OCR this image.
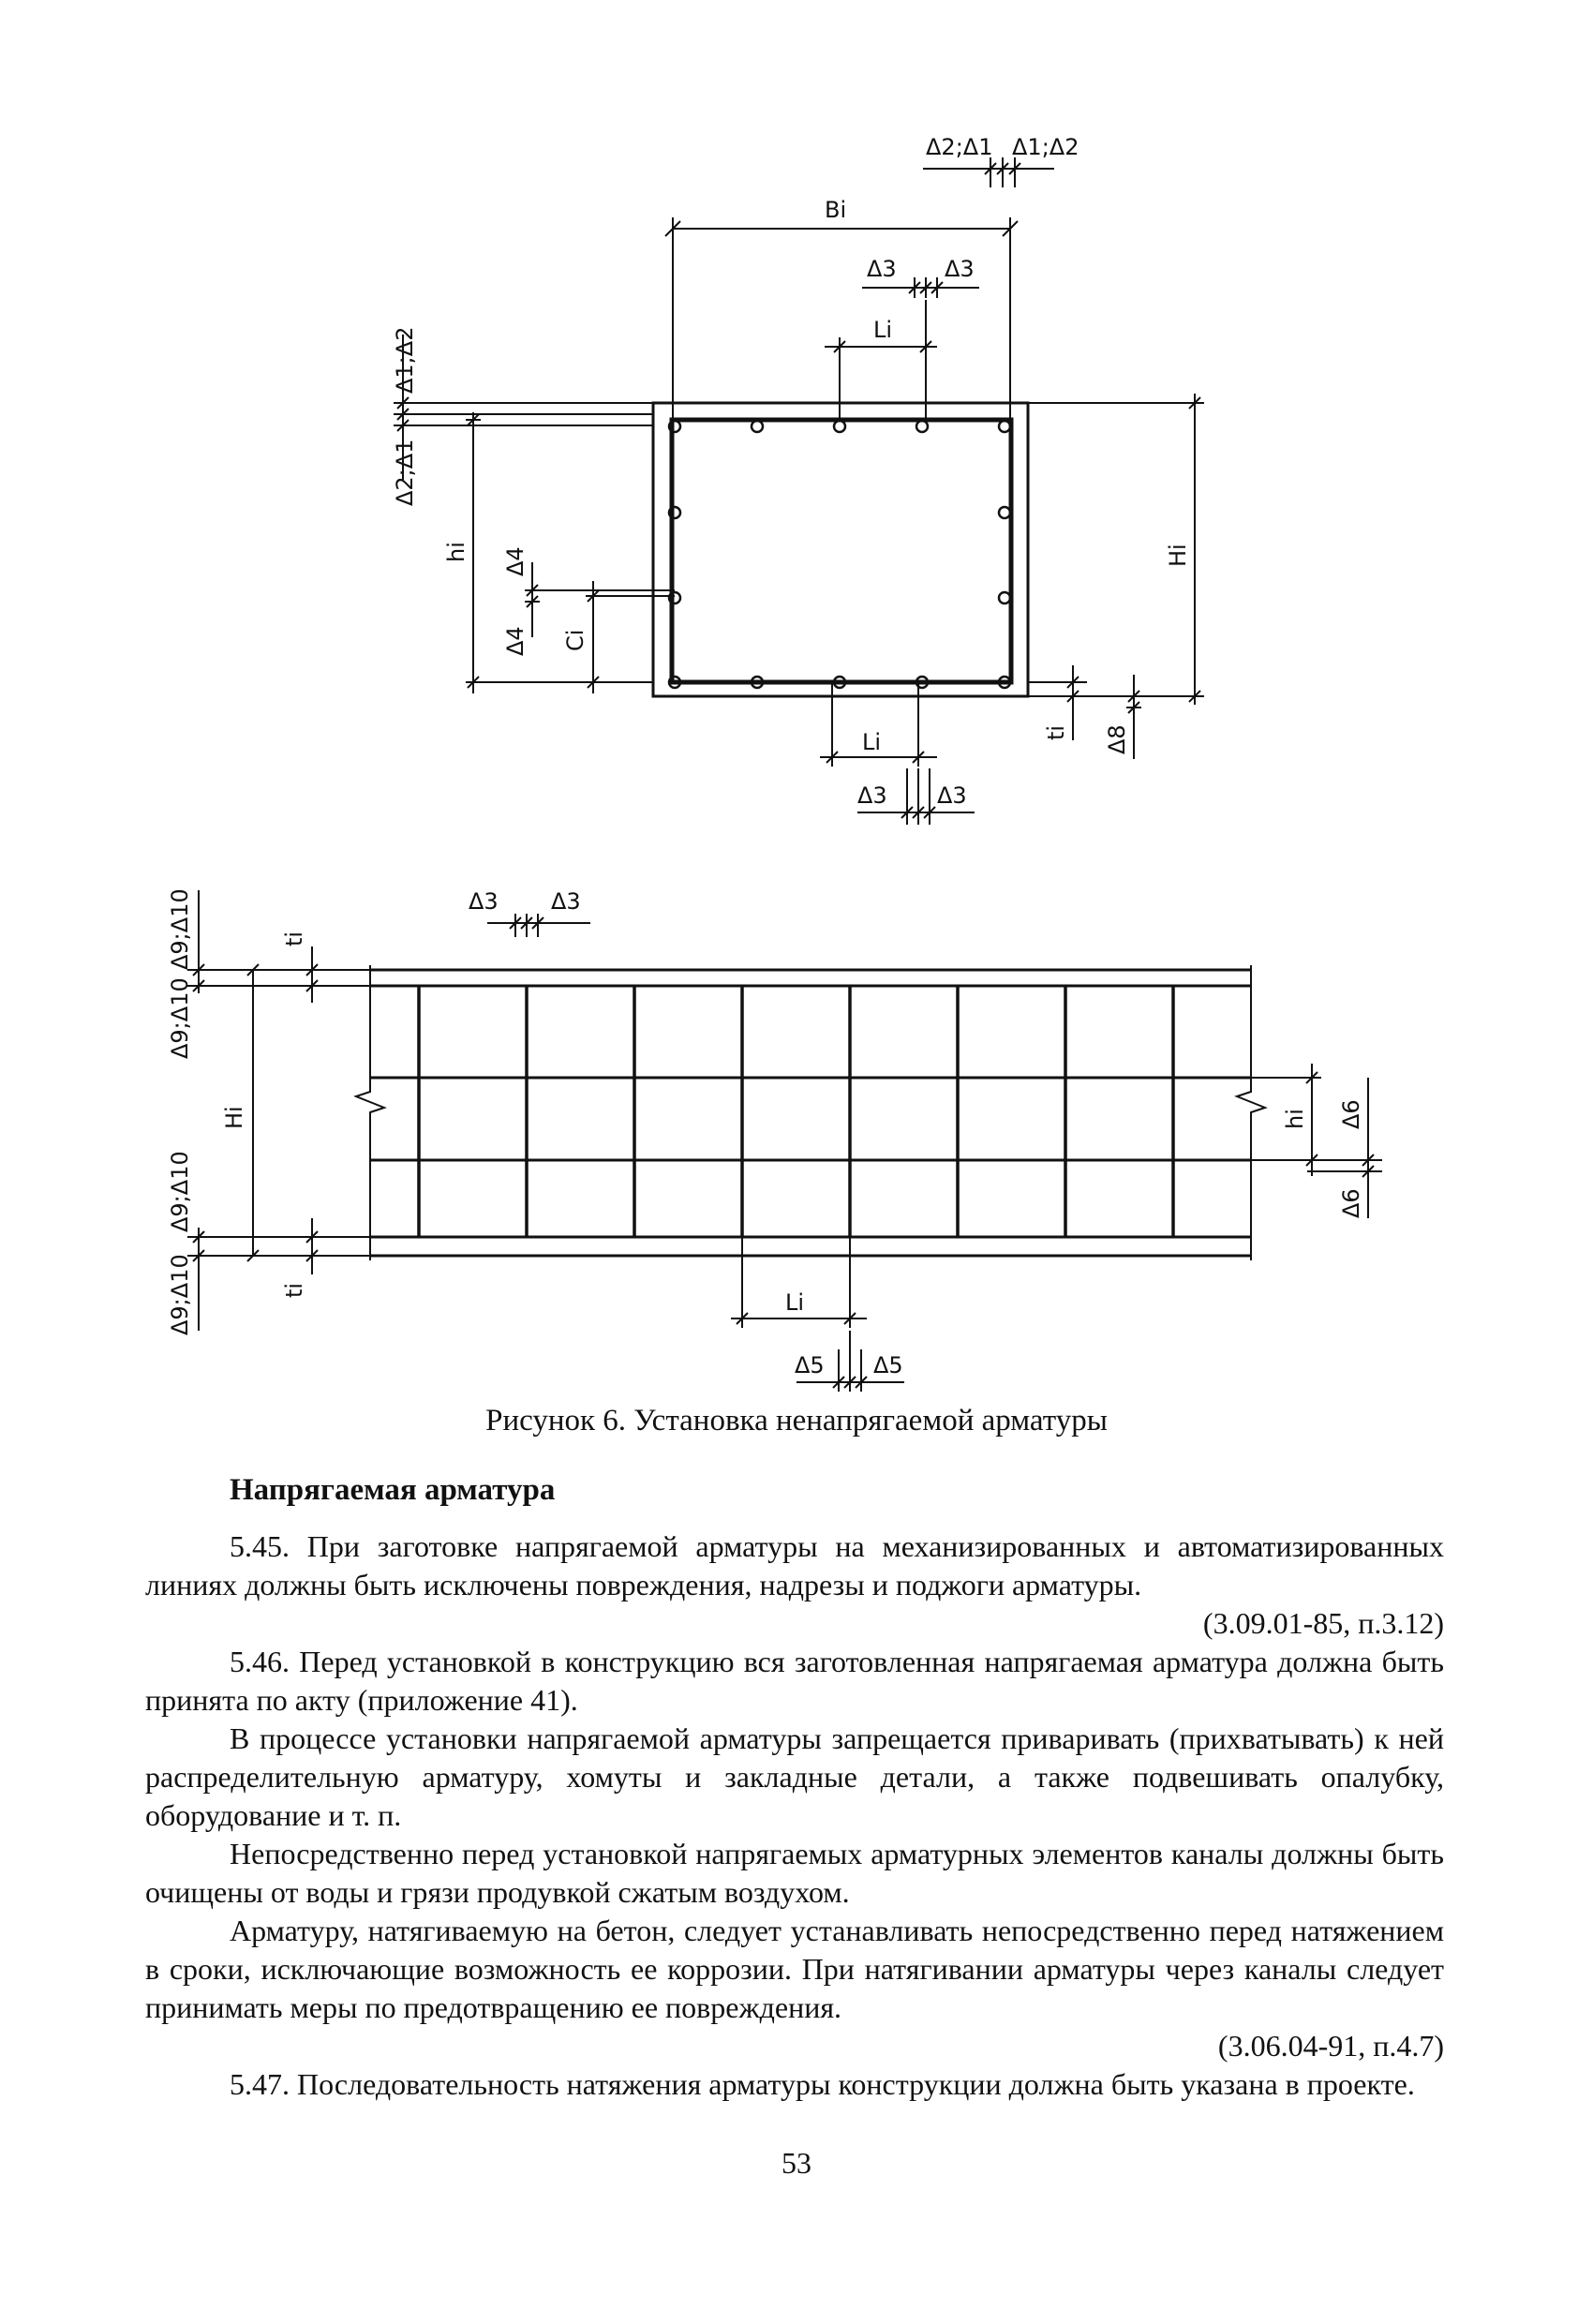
Δ2;Δ1 Δ1;Δ2
Bi
Δ3 Δ3
Li
Δ1;Δ2
Δ2;Δ1
hi Δ4
Δ4 Ci
Hi
Li
Δ3 Δ3
ti Δ8
Δ3 Δ3
Δ9;Δ10
Δ9;Δ10
Δ9;Δ10
Δ9;Δ10
ti
ti
Hi	hi Δ6
Δ6
Li
Δ5 Δ5
Рисунок 6. Установка ненапрягаемой арматуры
Напрягаемая арматура

5.45. При заготовке напрягаемой арматуры на механизированных и автоматизированных линиях должны быть исключены повреждения, надрезы и поджоги арматуры.

(3.09.01-85, п.3.12)

5.46. Перед установкой в конструкцию вся заготовленная напрягаемая арматура должна быть принята по акту (приложение 41).

В процессе установки напрягаемой арматуры запрещается приваривать (прихватывать) к ней распределительную арматуру, хомуты и закладные детали, а также подвешивать опалубку, оборудование и т. п.

Непосредственно перед установкой напрягаемых арматурных элементов каналы должны быть очищены от воды и грязи продувкой сжатым воздухом.

Арматуру, натягиваемую на бетон, следует устанавливать непосредственно перед натяжением в сроки, исключающие возможность ее коррозии. При натягивании арматуры через каналы следует принимать меры по предотвращению ее повреждения.

(3.06.04-91, п.4.7)

5.47. Последовательность натяжения арматуры конструкции должна быть указана в проекте.

53
